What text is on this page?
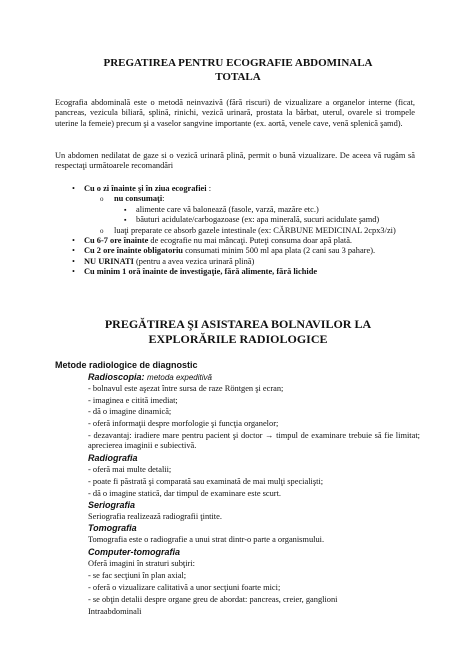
PREGATIREA PENTRU ECOGRAFIE ABDOMINALA
TOTALA
Ecografia abdominală este o metodă neinvazivă (fără riscuri) de vizualizare a organelor interne (ficat, pancreas, vezicula biliară, splină, rinichi, vezică urinară, prostata la bărbat, uterul, ovarele si trompele uterine la femeie) precum şi a vaselor sangvine importante (ex. aortă, venele cave, venă splenică şamd).
Un abdomen nedilatat de gaze si o vezică urinară plină, permit o bună vizualizare. De aceea vă rugăm să respectaţi următoarele recomandări
• Cu o zi înainte şi în ziua ecografiei :
o nu consumaţi:
▪ alimente care vă balonează (fasole, varză, mazăre etc.)
▪ băuturi acidulate/carbogazoase (ex: apa minerală, sucuri acidulate şamd)
o luaţi preparate ce absorb gazele intestinale (ex: CĂRBUNE MEDICINAL 2cpx3/zi)
• Cu 6-7 ore înainte de ecografie nu mai mâncaţi. Puteţi consuma doar apă plată.
• Cu 2 ore înainte obligatoriu consumati minim 500 ml apa plata (2 cani sau 3 pahare).
• NU URINATI (pentru a avea vezica urinară plină)
• Cu minim 1 oră înainte de investigaţie, fără alimente, fără lichide
PREGĂTIREA ŞI ASISTAREA BOLNAVILOR LA
EXPLORĂRILE RADIOLOGICE
Metode radiologice de diagnostic
Radioscopia: metoda expeditivă
- bolnavul este aşezat între sursa de raze Röntgen şi ecran;
- imaginea e citită imediat;
- dă o imagine dinamică;
- oferă informaţii despre morfologie şi funcţia organelor;
- dezavantaj: iradiere mare pentru pacient şi doctor → timpul de examinare trebuie să fie limitat; aprecierea imaginii e subiectivă.
Radiografia
- oferă mai multe detalii;
- poate fi păstrată şi comparată sau examinată de mai mulţi specialişti;
- dă o imagine statică, dar timpul de examinare este scurt.
Seriografia
Seriografia realizează radiografii ţintite.
Tomografia
Tomografia este o radiografie a unui strat dintr-o parte a organismului.
Computer-tomografia
Oferă imagini în straturi subţiri:
- se fac secţiuni în plan axial;
- oferă o vizualizare calitativă a unor secţiuni foarte mici;
- se obţin detalii despre organe greu de abordat: pancreas, creier, ganglioni
Intraabdominali
